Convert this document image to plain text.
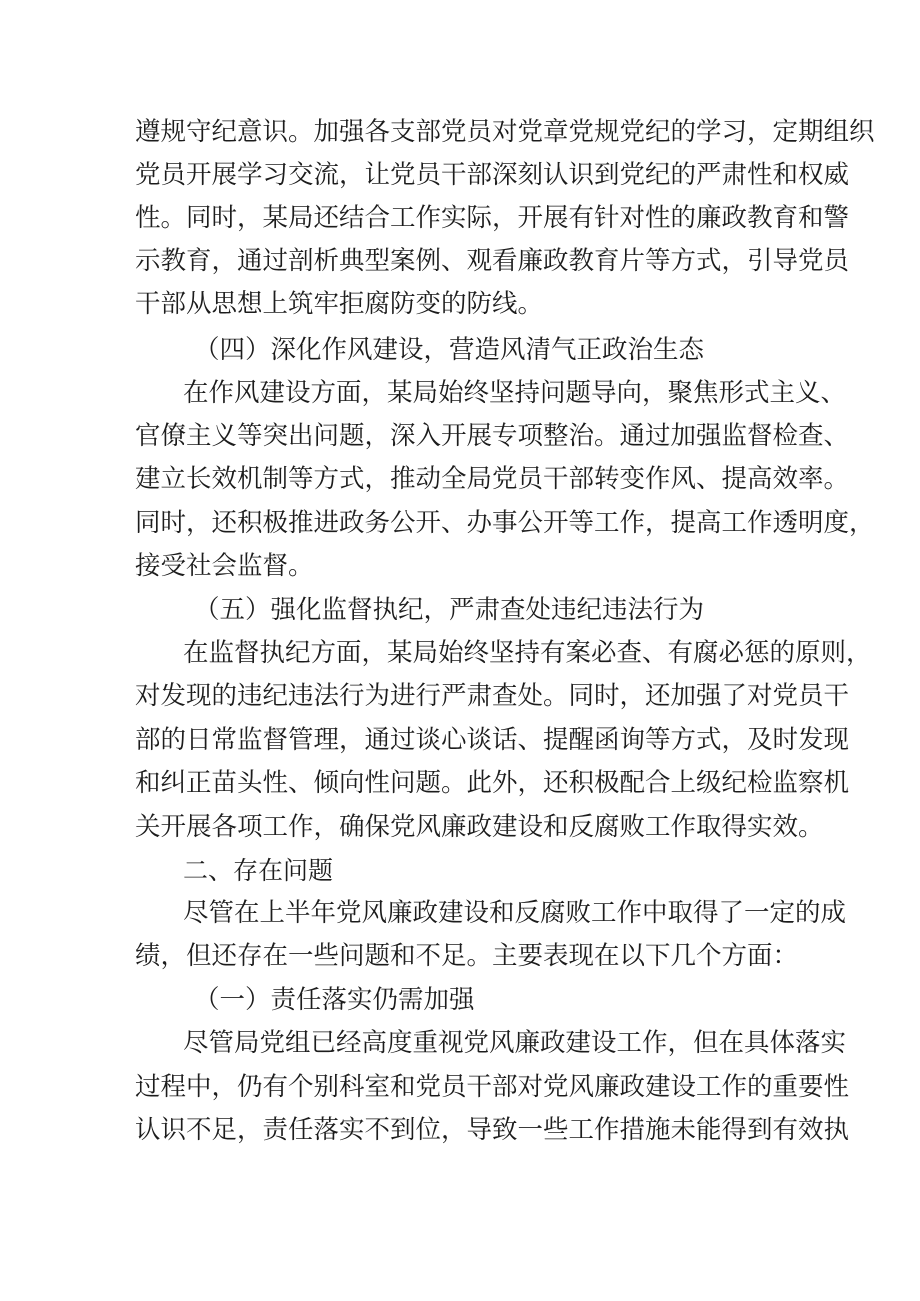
遵规守纪意识。加强各支部党员对党章党规党纪的学习，定期组织
党员开展学习交流，让党员干部深刻认识到党纪的严肃性和权威
性。同时，某局还结合工作实际，开展有针对性的廉政教育和警
示教育，通过剖析典型案例、观看廉政教育片等方式，引导党员
干部从思想上筑牢拒腐防变的防线。
（四）深化作风建设，营造风清气正政治生态
在作风建设方面，某局始终坚持问题导向，聚焦形式主义、
官僚主义等突出问题，深入开展专项整治。通过加强监督检查、
建立长效机制等方式，推动全局党员干部转变作风、提高效率。
同时，还积极推进政务公开、办事公开等工作，提高工作透明度，
接受社会监督。
（五）强化监督执纪，严肃查处违纪违法行为
在监督执纪方面，某局始终坚持有案必查、有腐必惩的原则，
对发现的违纪违法行为进行严肃查处。同时，还加强了对党员干
部的日常监督管理，通过谈心谈话、提醒函询等方式，及时发现
和纠正苗头性、倾向性问题。此外，还积极配合上级纪检监察机
关开展各项工作，确保党风廉政建设和反腐败工作取得实效。
二、存在问题
尽管在上半年党风廉政建设和反腐败工作中取得了一定的成
绩，但还存在一些问题和不足。主要表现在以下几个方面：
（一）责任落实仍需加强
尽管局党组已经高度重视党风廉政建设工作，但在具体落实
过程中，仍有个别科室和党员干部对党风廉政建设工作的重要性
认识不足，责任落实不到位，导致一些工作措施未能得到有效执
